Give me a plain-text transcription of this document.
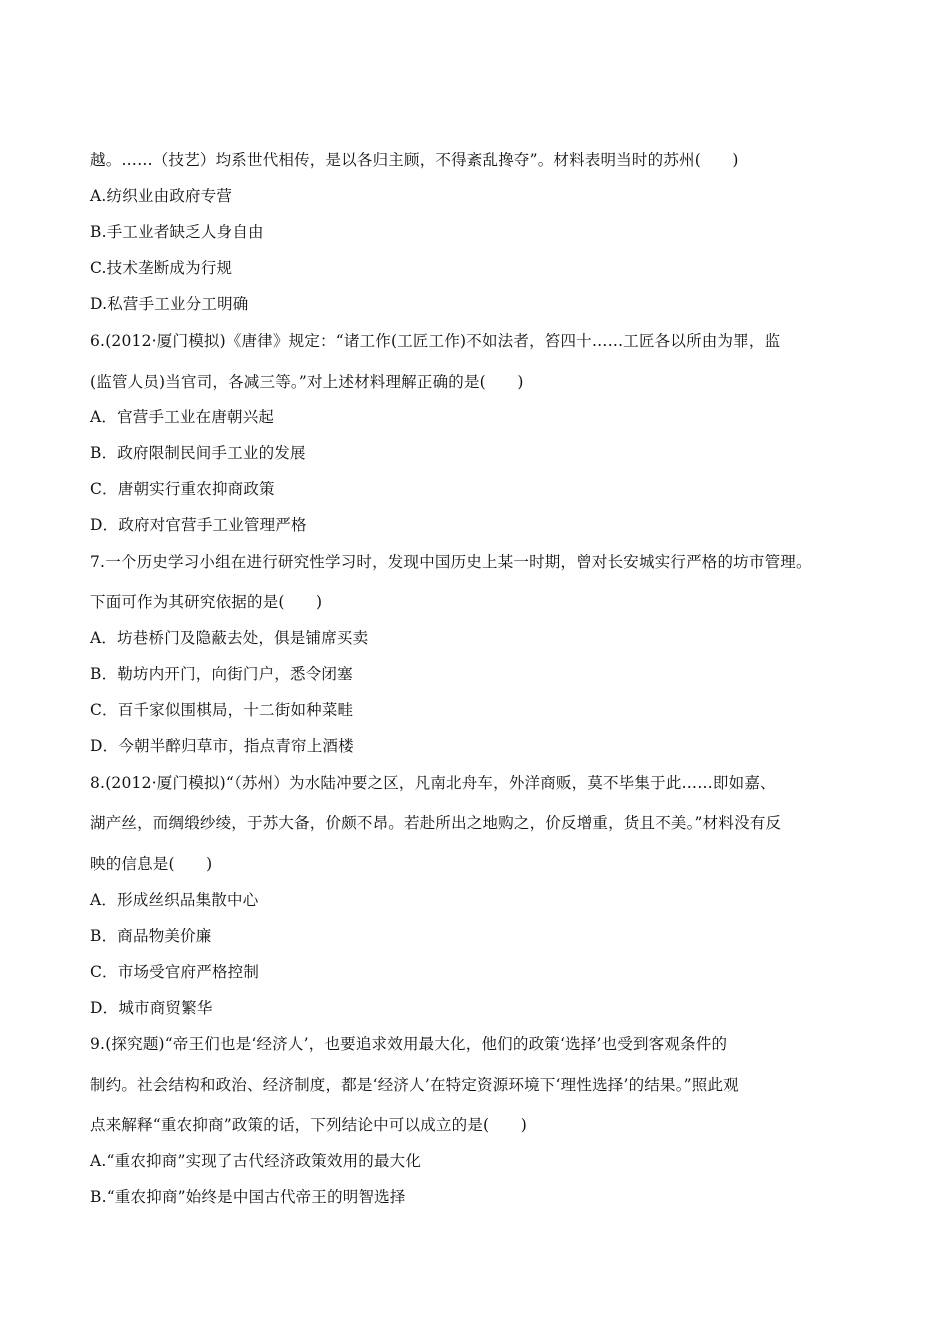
越。……（技艺）均系世代相传，是以各归主顾，不得紊乱搀夺”。材料表明当时的苏州(　　)
A.纺织业由政府专营
B.手工业者缺乏人身自由
C.技术垄断成为行规
D.私营手工业分工明确
6.(2012·厦门模拟)《唐律》规定：“诸工作(工匠工作)不如法者，笞四十……工匠各以所由为罪，监
(监管人员)当官司，各减三等。”对上述材料理解正确的是(　　)
A．官营手工业在唐朝兴起
B．政府限制民间手工业的发展
C．唐朝实行重农抑商政策
D．政府对官营手工业管理严格
7.一个历史学习小组在进行研究性学习时，发现中国历史上某一时期，曾对长安城实行严格的坊市管理。
下面可作为其研究依据的是(　　)
A．坊巷桥门及隐蔽去处，俱是铺席买卖
B．勒坊内开门，向街门户，悉令闭塞
C．百千家似围棋局，十二街如种菜畦
D．今朝半醉归草市，指点青帘上酒楼
8.(2012·厦门模拟)“（苏州）为水陆冲要之区，凡南北舟车，外洋商贩，莫不毕集于此……即如嘉、
湖产丝，而绸缎纱绫，于苏大备，价颇不昂。若赴所出之地购之，价反增重，货且不美。”材料没有反
映的信息是(　　)
A．形成丝织品集散中心
B．商品物美价廉
C．市场受官府严格控制
D．城市商贸繁华
9.(探究题)“帝王们也是‘经济人’，也要追求效用最大化，他们的政策‘选择’也受到客观条件的
制约。社会结构和政治、经济制度，都是‘经济人’在特定资源环境下‘理性选择’的结果。”照此观
点来解释“重农抑商”政策的话，下列结论中可以成立的是(　　)
A.“重农抑商”实现了古代经济政策效用的最大化
B.“重农抑商”始终是中国古代帝王的明智选择
